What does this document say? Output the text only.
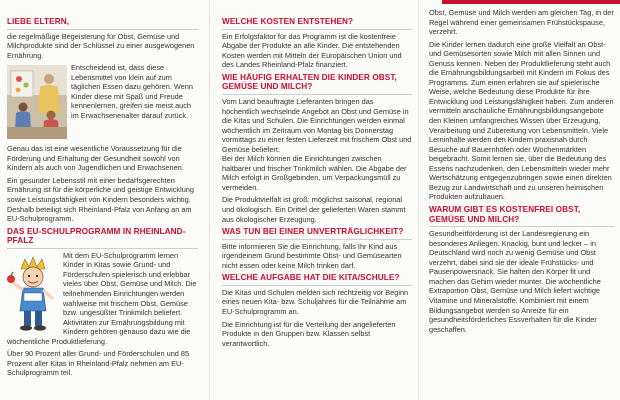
LIEBE ELTERN,

die regelmäßige Begeisterung für Obst, Gemüse und Milchprodukte sind der Schlüssel zu einer ausgewogenen Ernährung.

Entscheidend ist, dass diese Lebensmittel von klein auf zum täglichen Essen dazu gehören. Wenn Kinder diese mit Spaß und Freude kennenlernen, greifen sie meist auch im Erwachsenenalter darauf zurück.

Genau das ist eine wesentliche Voraussetzung für die Förderung und Erhaltung der Gesundheit sowohl von Kindern als auch von Jugendlichen und Erwachsenen.

Ein gesunder Lebensstil mit einer bedarfsgerechten Ernährung ist für die körperliche und geistige Entwicklung sowie Leistungsfähigkeit von Kindern besonders wichtig. Deshalb beteiligt sich Rheinland-Pfalz von Anfang an am EU-Schulprogramm.

DAS EU-SCHULPROGRAMM IN RHEINLAND-PFALZ

Mit dem EU-Schulprogramm lernen Kinder in Kitas sowie Grund- und Förderschulen spielerisch und erlebbar vieles über Obst, Gemüse und Milch. Die teilnehmenden Einrichtungen werden wahlweise mit frischem Obst, Gemüse bzw. ungesüßter Trinkmilch beliefert. Aktivitäten zur Ernährungsbildung mit Kindern gehören genauso dazu wie die wöchentliche Produktlieferung.

Über 90 Prozent aller Grund- und Förderschulen und 85 Prozent aller Kitas in Rheinland-Pfalz nehmen am EU-Schulprogramm teil.

WELCHE KOSTEN ENTSTEHEN?

Ein Erfolgsfaktor für das Programm ist die kostenfreie Abgabe der Produkte an alle Kinder. Die entstehenden Kosten werden mit Mitteln der Europäischen Union und des Landes Rheinland-Pfalz finanziert.

WIE HÄUFIG ERHALTEN DIE KINDER OBST, GEMÜSE UND MILCH?

Vom Land beauftragte Lieferanten bringen das höchentlich wechselnde Angebot an Obst und Gemüse in die Kitas und Schulen. Die Einrichtungen werden einmal wöchentlich im Zeitraum von Montag bis Donnerstag vormittags zu einer festen Lieferzeit mit frischem Obst und Gemüse beliefert.

Bei der Milch können die Einrichtungen zwischen haltbarer und frischer Trinkmilch wählen. Die Abgabe der Milch erfolgt in Großgebinden, um Verpackungsmüll zu vermeiden.

Die Produktvielfalt ist groß: möglichst saisonal, regional und ökologisch. Ein Drittel der gelieferten Waren stammt aus ökologischer Erzeugung.

WAS TUN BEI EINER UNVERTRÄGLICHKEIT?

Bitte informieren Sie die Einrichtung, falls Ihr Kind aus irgendeinem Grund bestimmte Obst- und Gemüsearten nicht essen oder keine Milch trinken darf.

WELCHE AUFGABE HAT DIE KITA/SCHULE?

Die Kitas und Schulen melden sich rechtzeitig vor Beginn eines neuen Kita- bzw. Schuljahres für die Teilnahme am EU-Schulprogramm an.

Die Einrichtung ist für die Verteilung der angelieferten Produkte in den Gruppen bzw. Klassen selbst verantwortlich.

Obst, Gemüse und Milch werden am gleichen Tag, in der Regel während einer gemeinsamen Frühstückspause, verzehrt.

Die Kinder lernen dadurch eine große Vielfalt an Obst- und Gemüsesorten sowie Milch mit allen Sinnen und Genuss kennen. Neben der Produktlieferung steht auch die Ernährungsbildungsarbeit mit Kindern im Fokus des Programms. Zum einen erfahren sie auf spielerische Weise, welche Bedeutung diese Produkte für ihre Entwicklung und Leistungsfähigkeit haben. Zum anderen vermitteln anschauliche Ernährungsbildungsangebote den Kleinen umfangreiches Wissen über Erzeugung, Verarbeitung und Zubereitung von Lebensmitteln. Viele Lerninhalte werden den Kindern praxisnah durch Besuche auf Bauernhöfen oder Wochenmärkten beigebracht. Somit lernen sie, über die Bedeutung des Essens nachzudenken, den Lebensmitteln wieder mehr Wertschätzung entgegenzubringen sowie einen direkten Bezug zur Landwirtschaft und zu unseren heimischen Produkten aufzubauen.

WARUM GIBT ES KOSTENFREI OBST, GEMÜSE UND MILCH?

Gesundheitförderung ist der Landesregierung ein besonderes Anliegen. Knackig, bunt und lecker – in Deutschland wird noch zu wenig Gemüse und Obst verzehrt, dabei sind sie der ideale Frühstücks- und Pausenpowersnack. Sie halten den Körper fit und machen das Gehirn wieder munter. Die wöchentliche Extraportion Obst, Gemüse und Milch liefert wichtige Vitamine und Mineralstoffe. Kombiniert mit einem Bildungsangebot werden so Anreize für ein gesundheitsförderliches Essverhalten für die Kinder geschaffen.
